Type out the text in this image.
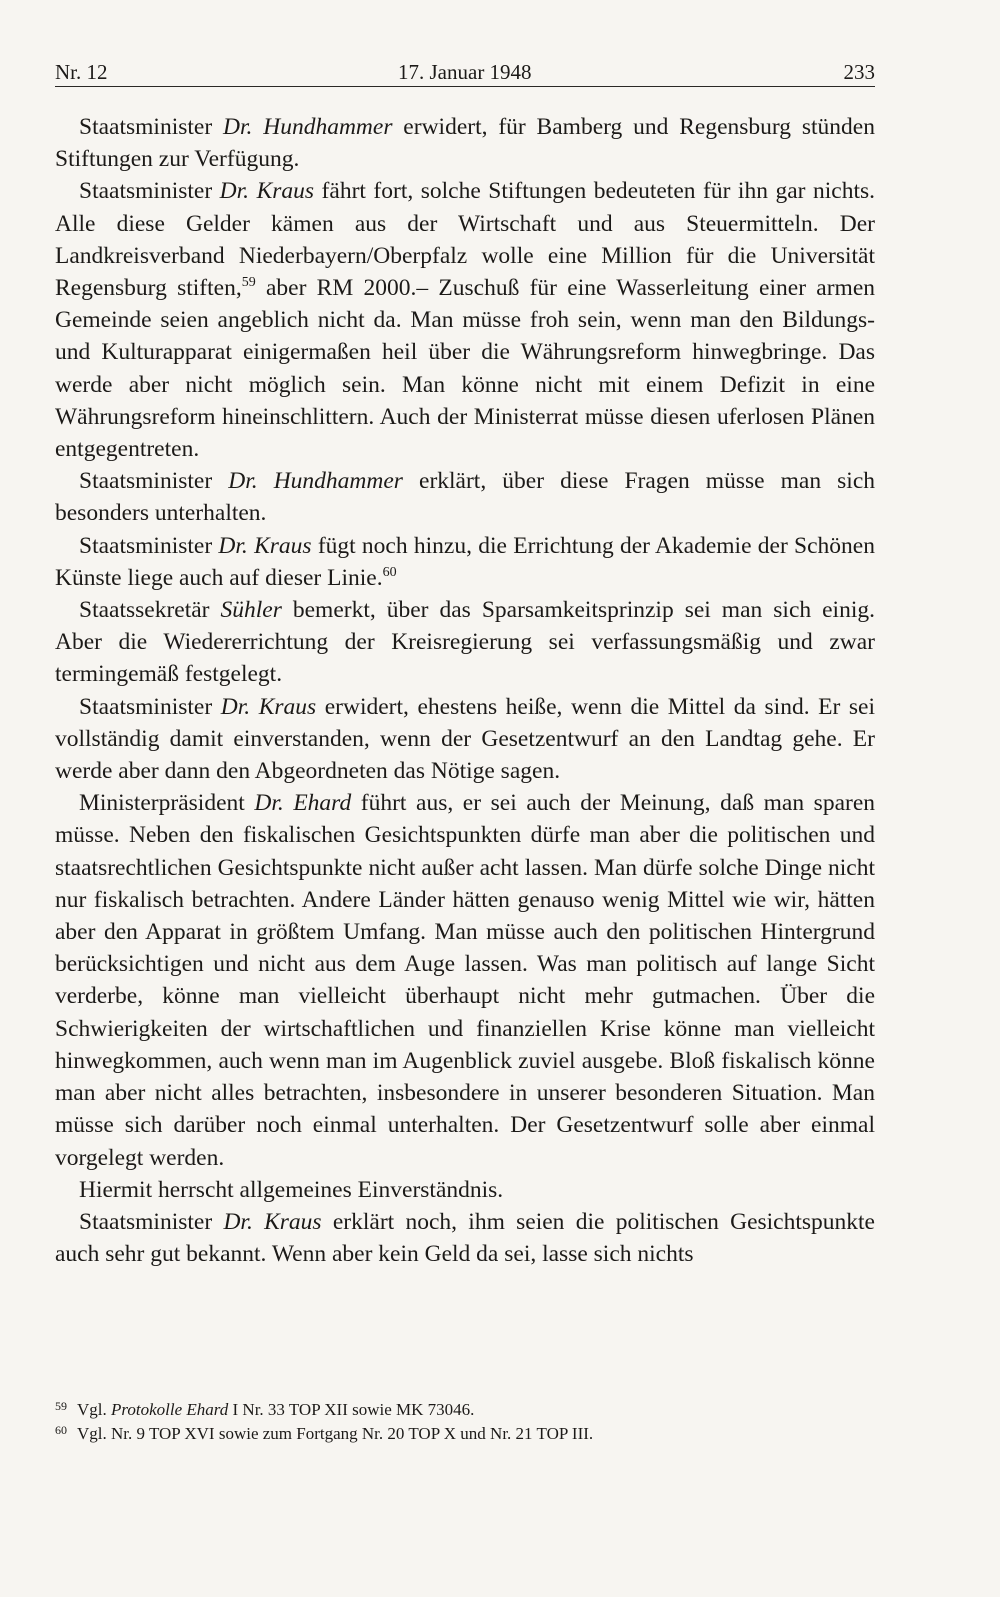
Nr. 12	17. Januar 1948	233

Staatsminister Dr. Hundhammer erwidert, für Bamberg und Regensburg stünden Stiftungen zur Verfügung.

Staatsminister Dr. Kraus fährt fort, solche Stiftungen bedeuteten für ihn gar nichts. Alle diese Gelder kämen aus der Wirtschaft und aus Steuermitteln. Der Landkreisverband Niederbayern/Oberpfalz wolle eine Million für die Universität Regensburg stiften,$^{59}$ aber RM 2000.– Zuschuß für eine Wasserleitung einer armen Gemeinde seien angeblich nicht da. Man müsse froh sein, wenn man den Bildungs- und Kulturapparat einigermaßen heil über die Währungsreform hinwegbringe. Das werde aber nicht möglich sein. Man könne nicht mit einem Defizit in eine Währungsreform hineinschlittern. Auch der Ministerrat müsse diesen uferlosen Plänen entgegentreten.

Staatsminister Dr. Hundhammer erklärt, über diese Fragen müsse man sich besonders unterhalten.

Staatsminister Dr. Kraus fügt noch hinzu, die Errichtung der Akademie der Schönen Künste liege auch auf dieser Linie.$^{60}$

Staatssekretär Sühler bemerkt, über das Sparsamkeitsprinzip sei man sich einig. Aber die Wiedererrichtung der Kreisregierung sei verfassungsmäßig und zwar termingemäß festgelegt.

Staatsminister Dr. Kraus erwidert, ehestens heiße, wenn die Mittel da sind. Er sei vollständig damit einverstanden, wenn der Gesetzentwurf an den Landtag gehe. Er werde aber dann den Abgeordneten das Nötige sagen.

Ministerpräsident Dr. Ehard führt aus, er sei auch der Meinung, daß man sparen müsse. Neben den fiskalischen Gesichtspunkten dürfe man aber die politischen und staatsrechtlichen Gesichtspunkte nicht außer acht lassen. Man dürfe solche Dinge nicht nur fiskalisch betrachten. Andere Länder hätten genauso wenig Mittel wie wir, hätten aber den Apparat in größtem Umfang. Man müsse auch den politischen Hintergrund berücksichtigen und nicht aus dem Auge lassen. Was man politisch auf lange Sicht verderbe, könne man vielleicht überhaupt nicht mehr gutmachen. Über die Schwierigkeiten der wirtschaftlichen und finanziellen Krise könne man vielleicht hinwegkommen, auch wenn man im Augenblick zuviel ausgebe. Bloß fiskalisch könne man aber nicht alles betrachten, insbesondere in unserer besonderen Situation. Man müsse sich darüber noch einmal unterhalten. Der Gesetzentwurf solle aber einmal vorgelegt werden.

Hiermit herrscht allgemeines Einverständnis.

Staatsminister Dr. Kraus erklärt noch, ihm seien die politischen Gesichtspunkte auch sehr gut bekannt. Wenn aber kein Geld da sei, lasse sich nichts

59 Vgl. Protokolle Ehard I Nr. 33 TOP XII sowie MK 73046.

60 Vgl. Nr. 9 TOP XVI sowie zum Fortgang Nr. 20 TOP X und Nr. 21 TOP III.
